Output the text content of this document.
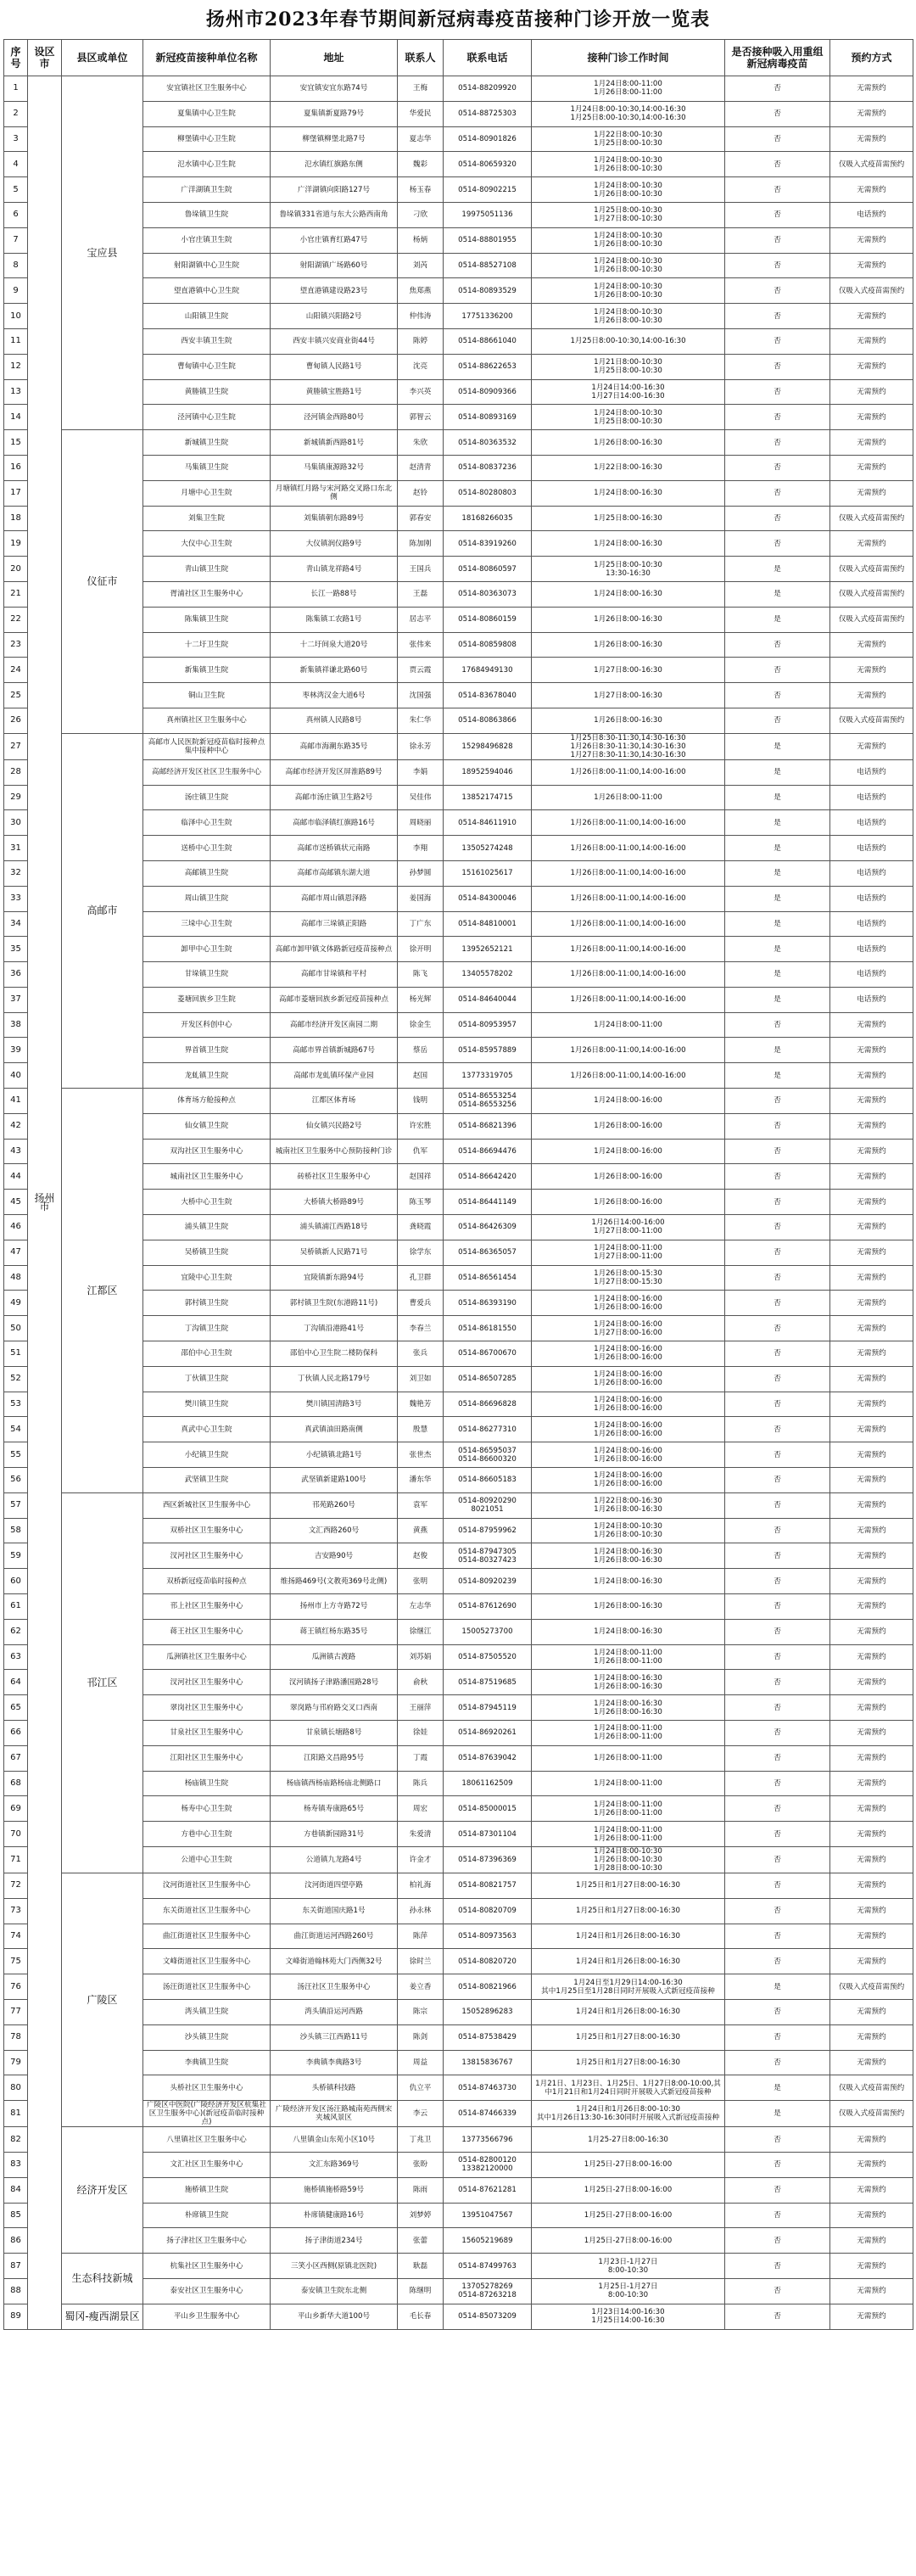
扬州市2023年春节期间新冠病毒疫苗接种门诊开放一览表
序号	设区市	县区或单位	新冠疫苗接种单位名称	地址	联系人	联系电话	接种门诊工作时间	是否接种吸入用重组新冠病毒疫苗	预约方式
1	扬州市	宝应县	安宜镇社区卫生服务中心	安宜镇安宜东路74号	王梅	0514-88209920	1月24日8:00-11:00
1月26日8:00-11:00	否	无需预约
2			夏集镇中心卫生院	夏集镇新夏路79号	华爱民	0514-88725303	1月24日8:00-10:30,14:00-16:30
1月25日8:00-10:30,14:00-16:30	否	无需预约
3			柳堡镇中心卫生院	柳堡镇柳堡北路7号	夏志华	0514-80901826	1月22日8:00-10:30
1月25日8:00-10:30	否	无需预约
4			氾水镇中心卫生院	氾水镇红旗路东侧	魏彩	0514-80659320	1月24日8:00-10:30
1月26日8:00-10:30	否	仅吸入式疫苗需预约
5			广洋湖镇卫生院	广洋湖镇向阳路127号	杨玉春	0514-80902215	1月24日8:00-10:30
1月26日8:00-10:30	否	无需预约
6			鲁垛镇卫生院	鲁垛镇331省道与东大公路西南角	刁欣	19975051136	1月25日8:00-10:30
1月27日8:00-10:30	否	电话预约
7			小官庄镇卫生院	小官庄镇育红路47号	杨炳	0514-88801955	1月24日8:00-10:30
1月26日8:00-10:30	否	无需预约
8			射阳湖镇中心卫生院	射阳湖镇广场路60号	刘芮	0514-88527108	1月24日8:00-10:30
1月26日8:00-10:30	否	无需预约
9			望直港镇中心卫生院	望直港镇建设路23号	焦郑燕	0514-80893529	1月24日8:00-10:30
1月26日8:00-10:30	否	仅吸入式疫苗需预约
10			山阳镇卫生院	山阳镇兴阳路2号	仲伟涛	17751336200	1月24日8:00-10:30
1月26日8:00-10:30	否	无需预约
11			西安丰镇卫生院	西安丰镇兴安商业街44号	陈婷	0514-88661040	1月25日8:00-10:30,14:00-16:30	否	无需预约
12			曹甸镇中心卫生院	曹甸镇人民路1号	沈亮	0514-88622653	1月21日8:00-10:30
1月25日8:00-10:30	否	无需预约
13			黄塍镇卫生院	黄塍镇宝胜路1号	李兴英	0514-80909366	1月24日14:00-16:30
1月27日14:00-16:30	否	无需预约
14			泾河镇中心卫生院	泾河镇金西路80号	郭智云	0514-80893169	1月24日8:00-10:30
1月25日8:00-10:30	否	无需预约
15		仪征市	新城镇卫生院	新城镇新西路81号	朱欣	0514-80363532	1月26日8:00-16:30	否	无需预约
16			马集镇卫生院	马集镇康源路32号	赵清青	0514-80837236	1月22日8:00-16:30	否	无需预约
17			月塘中心卫生院	月塘镇红月路与宋河路交叉路口东北侧	赵铃	0514-80280803	1月24日8:00-16:30	否	无需预约
18			刘集卫生院	刘集镇朝东路89号	郭春安	18168266035	1月25日8:00-16:30	否	仅吸入式疫苗需预约
19			大仪中心卫生院	大仪镇润仪路9号	陈加刚	0514-83919260	1月24日8:00-16:30	否	无需预约
20			青山镇卫生院	青山镇龙祥路4号	王国兵	0514-80860597	1月25日8:00-10:30
13:30-16:30	是	仅吸入式疫苗需预约
21			胥浦社区卫生服务中心	长江一路88号	王磊	0514-80363073	1月24日8:00-16:30	是	仅吸入式疫苗需预约
22			陈集镇卫生院	陈集镇工农路1号	居志平	0514-80860159	1月26日8:00-16:30	是	仅吸入式疫苗需预约
23			十二圩卫生院	十二圩间泉大道20号	张伟来	0514-80859808	1月26日8:00-16:30	否	无需预约
24			新集镇卫生院	新集镇祥谦北路60号	贾云霞	17684949130	1月27日8:00-16:30	否	无需预约
25			铜山卫生院	枣林湾汉金大道6号	沈国强	0514-83678040	1月27日8:00-16:30	否	无需预约
26			真州镇社区卫生服务中心	真州镇人民路8号	朱仁华	0514-80863866	1月26日8:00-16:30	否	仅吸入式疫苗需预约
27		高邮市	高邮市人民医院新冠疫苗临时接种点集中接种中心	高邮市海潮东路35号	徐永芳	15298496828	1月25日8:30-11:30,14:30-16:30
1月26日8:30-11:30,14:30-16:30
1月27日8:30-11:30,14:30-16:30	是	无需预约
28			高邮经济开发区社区卫生服务中心	高邮市经济开发区屏淮路89号	李娟	18952594046	1月26日8:00-11:00,14:00-16:00	是	电话预约
29			汤庄镇卫生院	高邮市汤庄镇卫生路2号	吴佳伟	13852174715	1月26日8:00-11:00	是	电话预约
30			临泽中心卫生院	高邮市临泽镇红旗路16号	周晓丽	0514-84611910	1月26日8:00-11:00,14:00-16:00	是	电话预约
31			送桥中心卫生院	高邮市送桥镇状元南路	李翔	13505274248	1月26日8:00-11:00,14:00-16:00	是	电话预约
32			高邮镇卫生院	高邮市高邮镇东湖大道	孙梦圆	15161025617	1月26日8:00-11:00,14:00-16:00	是	电话预约
33			周山镇卫生院	高邮市周山镇恩泽路	姜国海	0514-84300046	1月26日8:00-11:00,14:00-16:00	是	电话预约
34			三垛中心卫生院	高邮市三垛镇正阳路	丁广东	0514-84810001	1月26日8:00-11:00,14:00-16:00	是	电话预约
35			卸甲中心卫生院	高邮市卸甲镇文体路新冠疫苗接种点	徐开明	13952652121	1月26日8:00-11:00,14:00-16:00	是	电话预约
36			甘垛镇卫生院	高邮市甘垛镇和平村	陈飞	13405578202	1月26日8:00-11:00,14:00-16:00	是	电话预约
37			菱塘回族乡卫生院	高邮市菱塘回族乡新冠疫苗接种点	杨光辉	0514-84640044	1月26日8:00-11:00,14:00-16:00	是	电话预约
38			开发区科创中心	高邮市经济开发区南园二期	徐金生	0514-80953957	1月24日8:00-11:00	否	无需预约
39			界首镇卫生院	高邮市界首镇新城路67号	蔡岳	0514-85957889	1月26日8:00-11:00,14:00-16:00	是	无需预约
40			龙虬镇卫生院	高邮市龙虬镇环保产业园	赵国	13773319705	1月26日8:00-11:00,14:00-16:00	是	无需预约
41		江都区	体育场方舱接种点	江都区体育场	钱明	0514-86553254
0514-86553256	1月24日8:00-16:00	否	无需预约
42			仙女镇卫生院	仙女镇兴民路2号	许宏胜	0514-86821396	1月26日8:00-16:00	否	无需预约
43			双沟社区卫生服务中心	城南社区卫生服务中心预防接种门诊	仇军	0514-86694476	1月24日8:00-16:00	否	无需预约
44			城南社区卫生服务中心	砖桥社区卫生服务中心	赵国祥	0514-86642420	1月26日8:00-16:00	否	无需预约
45			大桥中心卫生院	大桥镇大桥路89号	陈玉琴	0514-86441149	1月26日8:00-16:00	否	无需预约
46			浦头镇卫生院	浦头镇浦江西路18号	龚晓霞	0514-86426309	1月26日14:00-16:00
1月27日8:00-11:00	否	无需预约
47			吴桥镇卫生院	吴桥镇新人民路71号	徐学东	0514-86365057	1月24日8:00-11:00
1月27日8:00-11:00	否	无需预约
48			宜陵中心卫生院	宜陵镇新东路94号	孔卫群	0514-86561454	1月26日8:00-15:30
1月27日8:00-15:30	否	无需预约
49			郭村镇卫生院	郭村镇卫生院(东港路11号)	曹爱兵	0514-86393190	1月24日8:00-16:00
1月26日8:00-16:00	否	无需预约
50			丁沟镇卫生院	丁沟镇沿港路41号	李春兰	0514-86181550	1月24日8:00-16:00
1月27日8:00-16:00	否	无需预约
51			邵伯中心卫生院	邵伯中心卫生院二楼防保科	张兵	0514-86700670	1月24日8:00-16:00
1月26日8:00-16:00	否	无需预约
52			丁伙镇卫生院	丁伙镇人民北路179号	刘卫如	0514-86507285	1月24日8:00-16:00
1月26日8:00-16:00	否	无需预约
53			樊川镇卫生院	樊川镇国清路3号	魏艳芳	0514-86696828	1月24日8:00-16:00
1月26日8:00-16:00	否	无需预约
54			真武中心卫生院	真武镇油田路南侧	殷慧	0514-86277310	1月24日8:00-16:00
1月26日8:00-16:00	否	无需预约
55			小纪镇卫生院	小纪镇镇北路1号	张世杰	0514-86595037
0514-86600320	1月24日8:00-16:00
1月26日8:00-16:00	否	无需预约
56			武坚镇卫生院	武坚镇新建路100号	潘东华	0514-86605183	1月24日8:00-16:00
1月26日8:00-16:00	否	无需预约
57		邗江区	西区新城社区卫生服务中心	邗苑路260号	袁军	0514-80920290
8021051	1月22日8:00-16:30
1月26日8:00-16:30	否	无需预约
58			双桥社区卫生服务中心	文汇西路260号	黄燕	0514-87959962	1月24日8:00-10:30
1月26日8:00-10:30	否	无需预约
59			汊河社区卫生服务中心	吉安路90号	赵俊	0514-87947305
0514-80327423	1月24日8:00-16:30
1月26日8:00-16:30	否	无需预约
60			双桥新冠疫苗临时接种点	维扬路469号(文教苑369号北侧)	张明	0514-80920239	1月24日8:00-16:30	否	无需预约
61			邗上社区卫生服务中心	扬州市上方寺路72号	左志华	0514-87612690	1月26日8:00-16:30	否	无需预约
62			蒋王社区卫生服务中心	蒋王镇红杨东路35号	徐继江	15005273700	1月24日8:00-16:30	否	无需预约
63			瓜洲镇社区卫生服务中心	瓜洲镇古渡路	刘苏娟	0514-87505520	1月24日8:00-11:00
1月26日8:00-11:00	否	无需预约
64			汊河社区卫生服务中心	汊河镇扬子津路潘国路28号	俞秋	0514-87519685	1月24日8:00-16:30
1月26日8:00-16:30	否	无需预约
65			翠岗社区卫生服务中心	翠岗路与邗府路交叉口西南	王丽萍	0514-87945119	1月24日8:00-16:30
1月26日8:00-16:30	否	无需预约
66			甘泉社区卫生服务中心	甘泉镇长塘路8号	徐娃	0514-86920261	1月24日8:00-11:00
1月26日8:00-11:00	否	无需预约
67			江阳社区卫生服务中心	江阳路文昌路95号	丁霞	0514-87639042	1月26日8:00-11:00	否	无需预约
68			杨庙镇卫生院	杨庙镇西杨庙路杨庙北侧路口	陈兵	18061162509	1月24日8:00-11:00	否	无需预约
69			杨寿中心卫生院	杨寿镇寿康路65号	周宏	0514-85000015	1月24日8:00-11:00
1月26日8:00-11:00	否	无需预约
70			方巷中心卫生院	方巷镇新园路31号	朱爱清	0514-87301104	1月24日8:00-11:00
1月26日8:00-11:00	否	无需预约
71			公道中心卫生院	公道镇九龙路4号	许金才	0514-87396369	1月24日8:00-10:30
1月26日8:00-10:30
1月28日8:00-10:30	否	无需预约
72		广陵区	汶河街道社区卫生服务中心	汶河街道四望亭路	柏礼海	0514-80821757	1月25日和1月27日8:00-16:30	否	无需预约
73			东关街道社区卫生服务中心	东关街道国庆路1号	孙永林	0514-80820709	1月25日和1月27日8:00-16:30	否	无需预约
74			曲江街道社区卫生服务中心	曲江街道运河西路260号	陈萍	0514-80973563	1月24日和1月26日8:00-16:30	否	无需预约
75			文峰街道社区卫生服务中心	文峰街道翰林苑大门西侧32号	徐时兰	0514-80820720	1月24日和1月26日8:00-16:30	否	无需预约
76			汤汪街道社区卫生服务中心	汤汪社区卫生服务中心	姜立香	0514-80821966	1月24日至1月29日14:00-16:30
其中1月25日至1月28日同时开展吸入式新冠疫苗接种	是	仅吸入式疫苗需预约
77			湾头镇卫生院	湾头镇沿运河西路	陈宗	15052896283	1月24日和1月26日8:00-16:30	否	无需预约
78			沙头镇卫生院	沙头镇三江西路11号	陈剑	0514-87538429	1月25日和1月27日8:00-16:30	否	无需预约
79			李典镇卫生院	李典镇李典路3号	周益	13815836767	1月25日和1月27日8:00-16:30	否	无需预约
80			头桥社区卫生服务中心	头桥镇科技路	仇立平	0514-87463730	1月21日、1月23日、1月25日、1月27日8:00-10:00,其中1月21日和1月24日同时开展吸入式新冠疫苗接种	是	仅吸入式疫苗需预约
81			广陵区中医院(广陵经济开发区杭集社区卫生服务中心)(新冠疫苗临时接种点)	广陵经济开发区汤汪路城南苑西侧宋夹城风景区	李云	0514-87466339	1月24日和1月26日8:00-10:30
其中1月26日13:30-16:30同时开展吸入式新冠疫苗接种	是	仅吸入式疫苗需预约
82		经济开发区	八里镇社区卫生服务中心	八里镇金山东苑小区10号	丁兆卫	13773566796	1月25-27日8:00-16:30	否	无需预约
83			文汇社区卫生服务中心	文汇东路369号	张盼	0514-82800120
13382120000	1月25日-27日8:00-16:00	否	无需预约
84			施桥镇卫生院	施桥镇施桥路59号	陈雨	0514-87621281	1月25日-27日8:00-16:00	否	无需预约
85			朴席镇卫生院	朴席镇健康路16号	刘梦婷	13951047567	1月25日-27日8:00-16:00	否	无需预约
86			扬子津社区卫生服务中心	扬子津街道234号	张蕾	15605219689	1月25日-27日8:00-16:00	否	无需预约
87		生态科技新城	杭集社区卫生服务中心	三笑小区西侧(原镇北医院)	耿磊	0514-87499763	1月23日-1月27日
8:00-10:30	否	无需预约
88			泰安社区卫生服务中心	泰安镇卫生院东北侧	陈继明	13705278269
0514-87263218	1月25日-1月27日
8:00-10:30	否	无需预约
89		蜀冈-瘦西湖景区	平山乡卫生服务中心	平山乡新华大道100号	毛长春	0514-85073209	1月23日14:00-16:30
1月25日14:00-16:30	否	无需预约
